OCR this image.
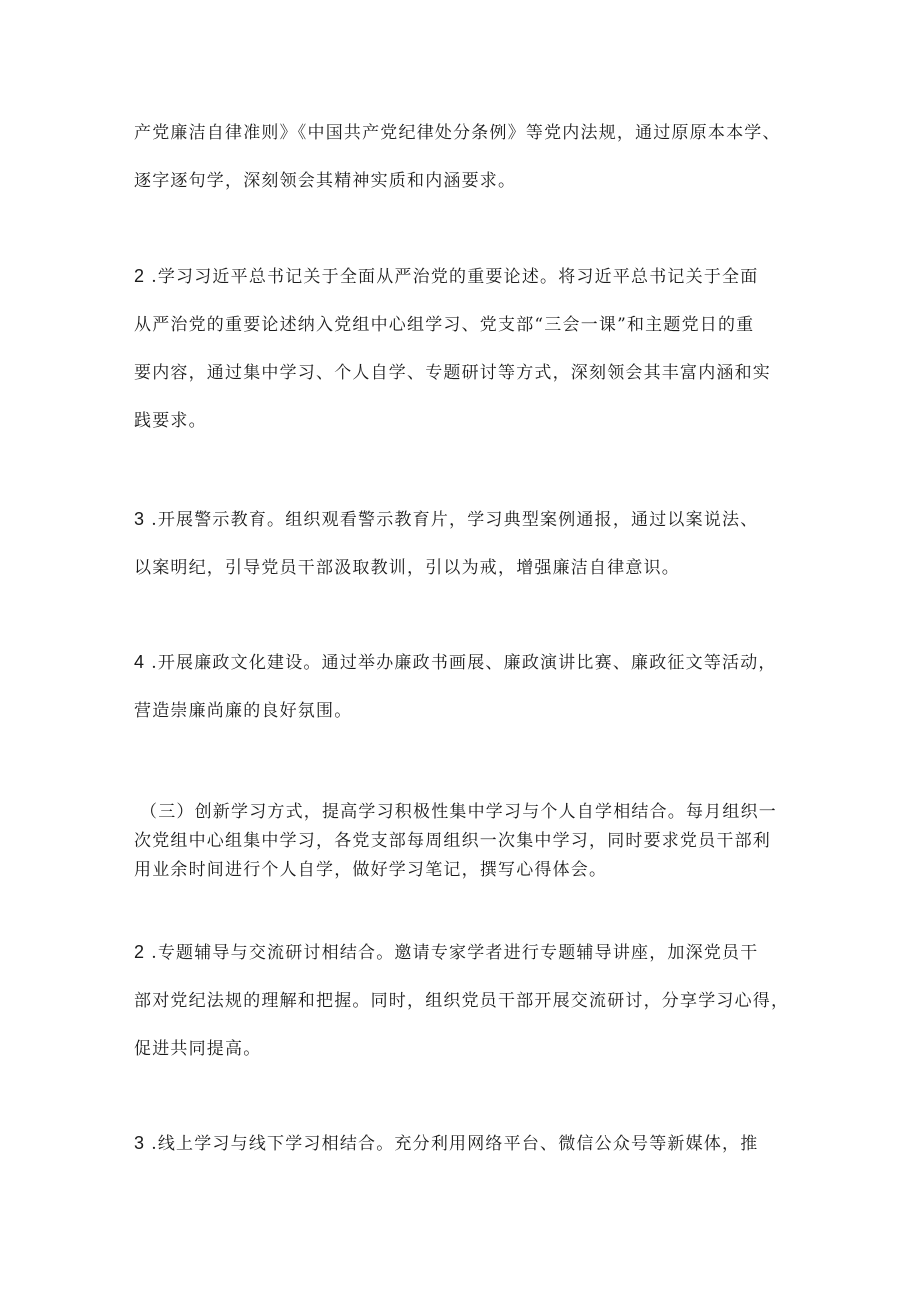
产党廉洁自律准则》《中国共产党纪律处分条例》等党内法规，通过原原本本学、
逐字逐句学，深刻领会其精神实质和内涵要求。
2 .学习习近平总书记关于全面从严治党的重要论述。将习近平总书记关于全面
从严治党的重要论述纳入党组中心组学习、党支部“三会一课”和主题党日的重
要内容，通过集中学习、个人自学、专题研讨等方式，深刻领会其丰富内涵和实
践要求。
3 .开展警示教育。组织观看警示教育片，学习典型案例通报，通过以案说法、
以案明纪，引导党员干部汲取教训，引以为戒，增强廉洁自律意识。
4 .开展廉政文化建设。通过举办廉政书画展、廉政演讲比赛、廉政征文等活动，
营造崇廉尚廉的良好氛围。
（三）创新学习方式，提高学习积极性集中学习与个人自学相结合。每月组织一
次党组中心组集中学习，各党支部每周组织一次集中学习，同时要求党员干部利
用业余时间进行个人自学，做好学习笔记，撰写心得体会。
2 .专题辅导与交流研讨相结合。邀请专家学者进行专题辅导讲座，加深党员干
部对党纪法规的理解和把握。同时，组织党员干部开展交流研讨，分享学习心得，
促进共同提高。
3 .线上学习与线下学习相结合。充分利用网络平台、微信公众号等新媒体，推
